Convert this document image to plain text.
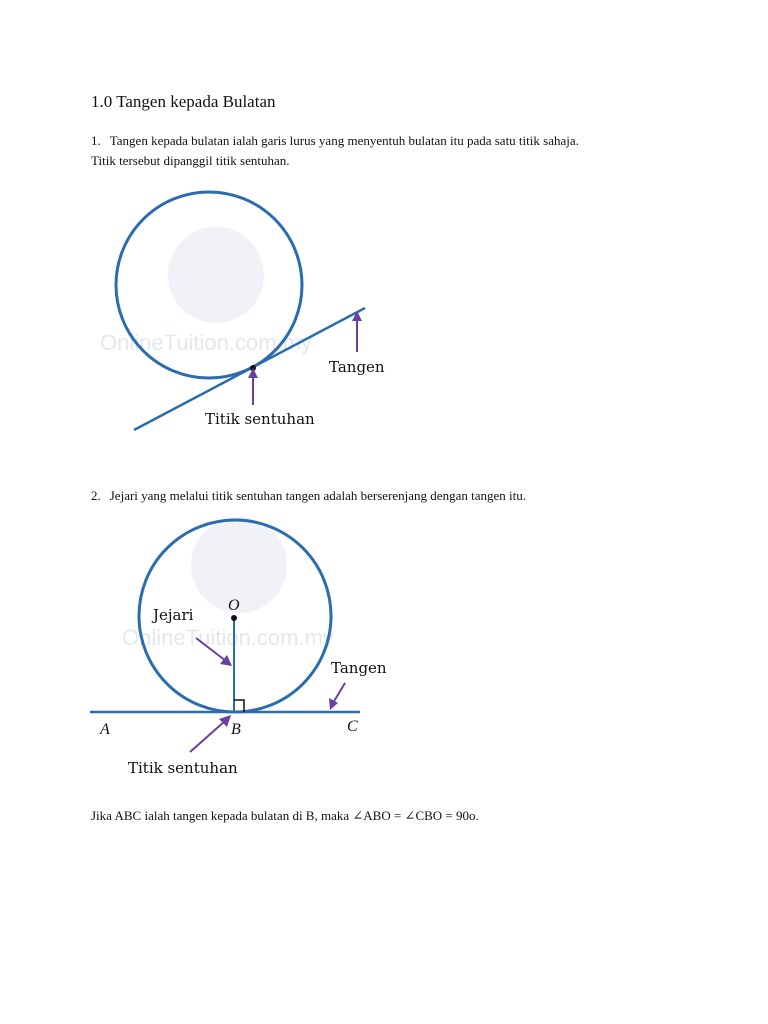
1.0 Tangen kepada Bulatan
1. Tangen kepada bulatan ialah garis lurus yang menyentuh bulatan itu pada satu titik sahaja.
Titik tersebut dipanggil titik sentuhan.
OnlineTuition.com.my
Tangen
Titik sentuhan
2. Jejari yang melalui titik sentuhan tangen adalah berserenjang dengan tangen itu.
OnlineTuition.com.my
O
Jejari
Tangen
A	B	C
Titik sentuhan

Jika ABC ialah tangen kepada bulatan di B, maka ∠ABO = ∠CBO = 90o.
